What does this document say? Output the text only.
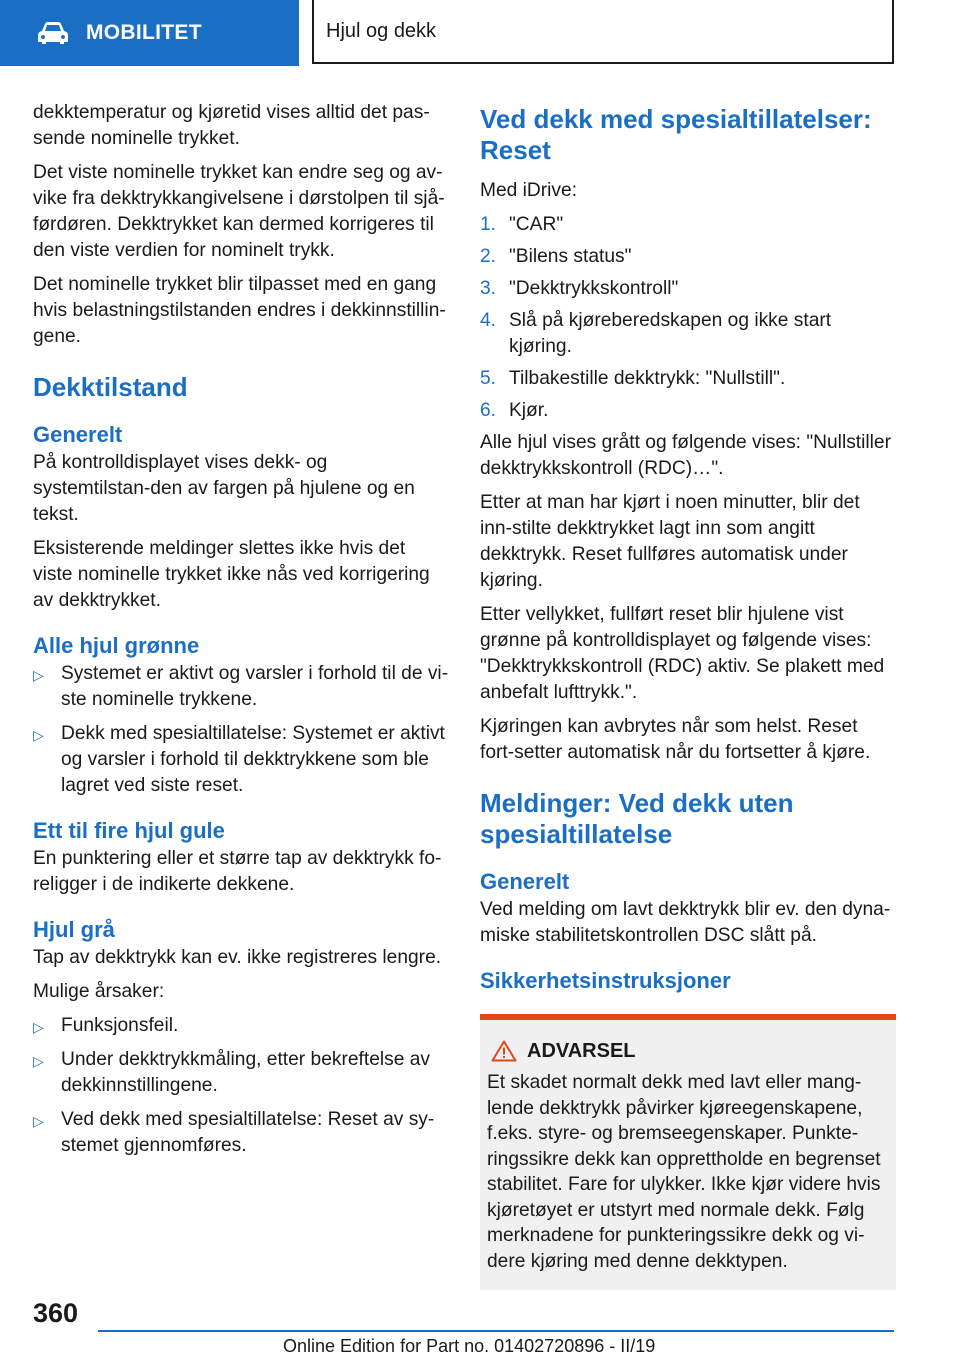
MOBILITET	Hjul og dekk

dekktemperatur og kjøretid vises alltid det pas-sende nominelle trykket.

Det viste nominelle trykket kan endre seg og av-vike fra dekktrykkangivelsene i dørstolpen til sjå-førdøren. Dekktrykket kan dermed korrigeres til den viste verdien for nominelt trykk.

Det nominelle trykket blir tilpasset med en gang hvis belastningstilstanden endres i dekkinnstillin-gene.

Dekktilstand
Generelt

På kontrolldisplayet vises dekk- og systemtilstan-den av fargen på hjulene og en tekst.

Eksisterende meldinger slettes ikke hvis det viste nominelle trykket ikke nås ved korrigering av dekktrykket.

Alle hjul grønne
▷ Systemet er aktivt og varsler i forhold til de vi-ste nominelle trykkene.
▷ Dekk med spesialtillatelse: Systemet er aktivt og varsler i forhold til dekktrykkene som ble lagret ved siste reset.
Ett til fire hjul gule

En punktering eller et større tap av dekktrykk fo-religger i de indikerte dekkene.

Hjul grå

Tap av dekktrykk kan ev. ikke registreres lengre.

Mulige årsaker:

▷ Funksjonsfeil.
▷ Under dekktrykkmåling, etter bekreftelse av dekkinnstillingene.
▷ Ved dekk med spesialtillatelse: Reset av sy-stemet gjennomføres.
Ved dekk med spesialtillatelser: Reset

Med iDrive:

1. "CAR"
2. "Bilens status"
3. "Dekktrykkskontroll"
4. Slå på kjøreberedskapen og ikke start kjøring.
5. Tilbakestille dekktrykk: "Nullstill".
6. Kjør.

Alle hjul vises grått og følgende vises: "Nullstiller dekktrykkskontroll (RDC)…".

Etter at man har kjørt i noen minutter, blir det inn-stilte dekktrykket lagt inn som angitt dekktrykk. Reset fullføres automatisk under kjøring.

Etter vellykket, fullført reset blir hjulene vist grønne på kontrolldisplayet og følgende vises: "Dekktrykkskontroll (RDC) aktiv. Se plakett med anbefalt lufttrykk.".

Kjøringen kan avbrytes når som helst. Reset fort-setter automatisk når du fortsetter å kjøre.

Meldinger: Ved dekk uten spesialtillatelse
Generelt

Ved melding om lavt dekktrykk blir ev. den dyna-miske stabilitetskontrollen DSC slått på.

Sikkerhetsinstruksjoner
ADVARSEL
Et skadet normalt dekk med lavt eller mang-lende dekktrykk påvirker kjøreegenskapene, f.eks. styre- og bremseegenskaper. Punkte-ringssikre dekk kan opprettholde en begrenset stabilitet. Fare for ulykker. Ikke kjør videre hvis kjøretøyet er utstyrt med normale dekk. Følg merknadene for punkteringssikre dekk og vi-dere kjøring med denne dekktypen.
360
Online Edition for Part no. 01402720896 - II/19
